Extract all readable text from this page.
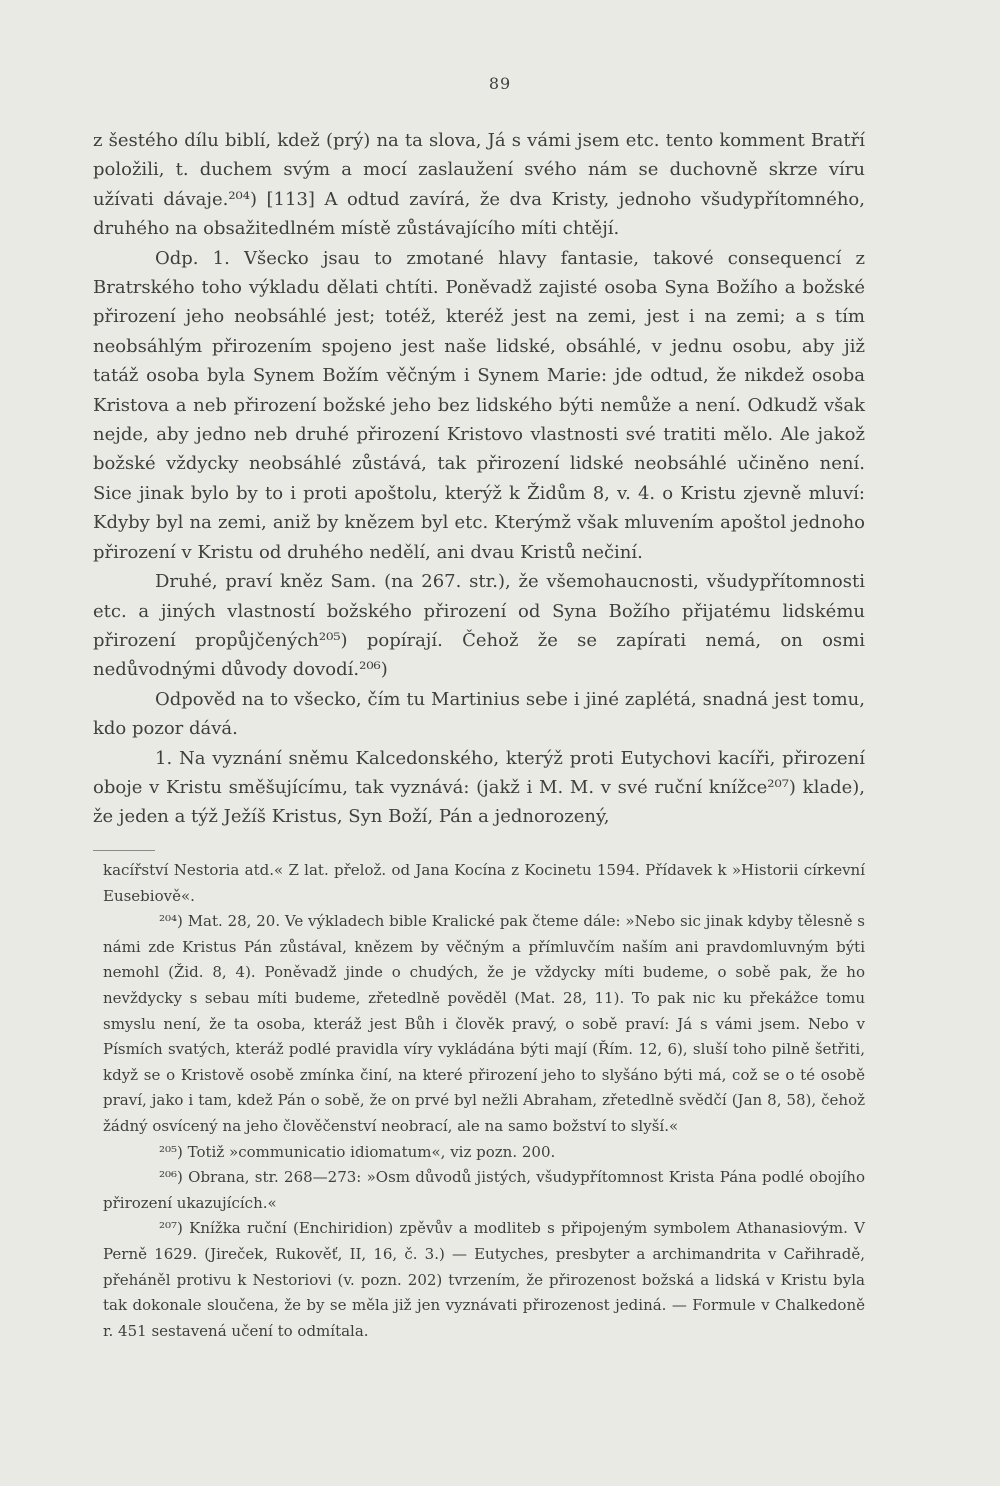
89

z šestého dílu biblí, kdež (prý) na ta slova, Já s vámi jsem etc. tento komment Bratří položili, t. duchem svým a mocí zaslaužení svého nám se duchovně skrze víru užívati dávaje.²⁰⁴) [113] A odtud zavírá, že dva Kristy, jednoho všudypřítomného, druhého na obsažitedlném místě zůstávajícího míti chtějí.

Odp. 1. Všecko jsau to zmotané hlavy fantasie, takové consequencí z Bratrského toho výkladu dělati chtíti. Poněvadž zajisté osoba Syna Božího a božské přirození jeho neobsáhlé jest; totéž, kteréž jest na zemi, jest i na zemi; a s tím neobsáhlým přirozením spojeno jest naše lidské, obsáhlé, v jednu osobu, aby již tatáž osoba byla Synem Božím věčným i Synem Marie: jde odtud, že nikdež osoba Kristova a neb přirození božské jeho bez lidského býti nemůže a není. Odkudž však nejde, aby jedno neb druhé přirození Kristovo vlastnosti své tratiti mělo. Ale jakož božské vždycky neobsáhlé zůstává, tak přirození lidské neobsáhlé učiněno není. Sice jinak bylo by to i proti apoštolu, kterýž k Židům 8, v. 4. o Kristu zjevně mluví: Kdyby byl na zemi, aniž by knězem byl etc. Kterýmž však mluvením apoštol jednoho přirození v Kristu od druhého nedělí, ani dvau Kristů nečiní.

Druhé, praví kněz Sam. (na 267. str.), že všemohaucnosti, všudypřítomnosti etc. a jiných vlastností božského přirození od Syna Božího přijatému lidskému přirození propůjčených²⁰⁵) popírají. Čehož že se zapírati nemá, on osmi nedůvodnými důvody dovodí.²⁰⁶)

Odpověd na to všecko, čím tu Martinius sebe i jiné zaplétá, snadná jest tomu, kdo pozor dává.

1. Na vyznání sněmu Kalcedonského, kterýž proti Eutychovi kacíři, přirození oboje v Kristu směšujícímu, tak vyznává: (jakž i M. M. v své ruční knížce²⁰⁷) klade), že jeden a týž Ježíš Kristus, Syn Boží, Pán a jednorozený,

kacířství Nestoria atd.« Z lat. přelož. od Jana Kocína z Kocinetu 1594. Přídavek k »Historii církevní Eusebiově«.

²⁰⁴) Mat. 28, 20. Ve výkladech bible Kralické pak čteme dále: »Nebo sic jinak kdyby tělesně s námi zde Kristus Pán zůstával, knězem by věčným a přímluvčím naším ani pravdomluvným býti nemohl (Žid. 8, 4). Poněvadž jinde o chudých, že je vždycky míti budeme, o sobě pak, že ho nevždycky s sebau míti budeme, zřetedlně pověděl (Mat. 28, 11). To pak nic ku překážce tomu smyslu není, že ta osoba, kteráž jest Bůh i člověk pravý, o sobě praví: Já s vámi jsem. Nebo v Písmích svatých, kteráž podlé pravidla víry vykládána býti mají (Řím. 12, 6), sluší toho pilně šetřiti, když se o Kristově osobě zmínka činí, na které přirození jeho to slyšáno býti má, což se o té osobě praví, jako i tam, kdež Pán o sobě, že on prvé byl nežli Abraham, zřetedlně svědčí (Jan 8, 58), čehož žádný osvícený na jeho člověčenství neobrací, ale na samo božství to slyší.«

²⁰⁵) Totiž »communicatio idiomatum«, viz pozn. 200.

²⁰⁶) Obrana, str. 268—273: »Osm důvodů jistých, všudypřítomnost Krista Pána podlé obojího přirození ukazujících.«

²⁰⁷) Knížka ruční (Enchiridion) zpěvův a modliteb s připojeným symbolem Athanasiovým. V Perně 1629. (Jireček, Rukověť, II, 16, č. 3.) — Eutyches, presbyter a archimandrita v Cařihradě, přeháněl protivu k Nestoriovi (v. pozn. 202) tvrzením, že přirozenost božská a lidská v Kristu byla tak dokonale sloučena, že by se měla již jen vyznávati přirozenost jediná. — Formule v Chalkedoně r. 451 sestavená učení to odmítala.
